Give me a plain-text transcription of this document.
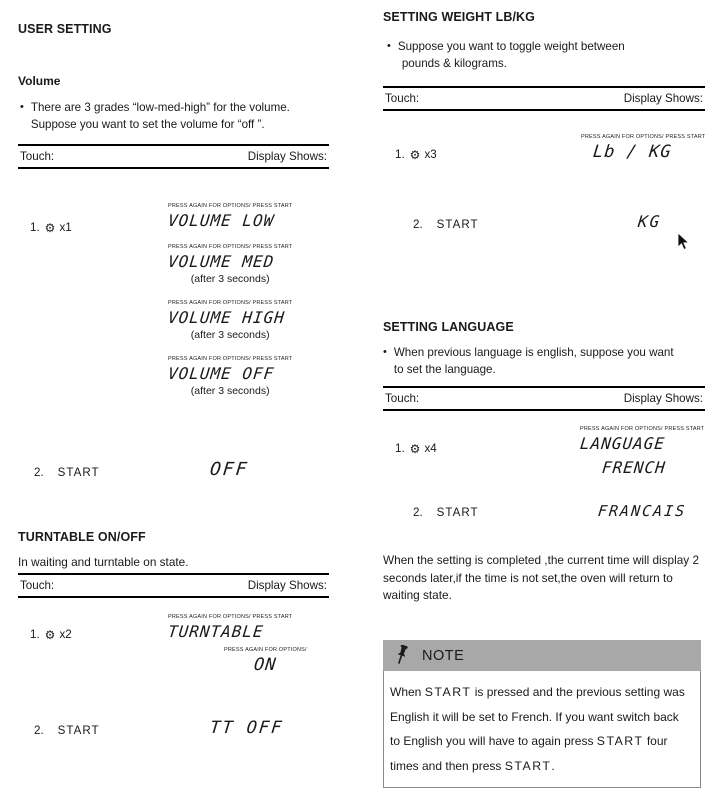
USER SETTING
Volume
• There are 3 grades “low-med-high” for the volume.
Suppose you want to set the volume for “off ”.
Touch:	Display Shows:
1. ⚙ x1
PRESS AGAIN FOR OPTIONS/ PRESS START
VOLUME LOW
PRESS AGAIN FOR OPTIONS/ PRESS START
VOLUME MED
(after 3 seconds)
PRESS AGAIN FOR OPTIONS/ PRESS START
VOLUME HIGH
(after 3 seconds)
PRESS AGAIN FOR OPTIONS/ PRESS START
VOLUME OFF
(after 3 seconds)
2. START	OFF
TURNTABLE ON/OFF
In waiting and turntable on state.
Touch:	Display Shows:
1. ⚙ x2
PRESS AGAIN FOR OPTIONS/ PRESS START
TURNTABLE
PRESS AGAIN FOR OPTIONS/
ON
2. START	TT OFF
SETTING WEIGHT LB/KG
• Suppose you want to toggle weight between
pounds & kilograms.
Touch:	Display Shows:
1. ⚙ x3
PRESS AGAIN FOR OPTIONS/ PRESS START
Lb / KG
2. START	KG
SETTING LANGUAGE
• When previous language is english, suppose you want
to set the language.
Touch:	Display Shows:
1. ⚙ x4
PRESS AGAIN FOR OPTIONS/ PRESS START
LANGUAGE
FRENCH
2. START	FRANCAIS
When the setting is completed ,the current time will display 2 seconds later,if the time is not set,the oven will return to waiting state.
NOTE
When START is pressed and the previous setting was English it will be set to French. If you want switch back to English you will have to again press START four times and then press START.
